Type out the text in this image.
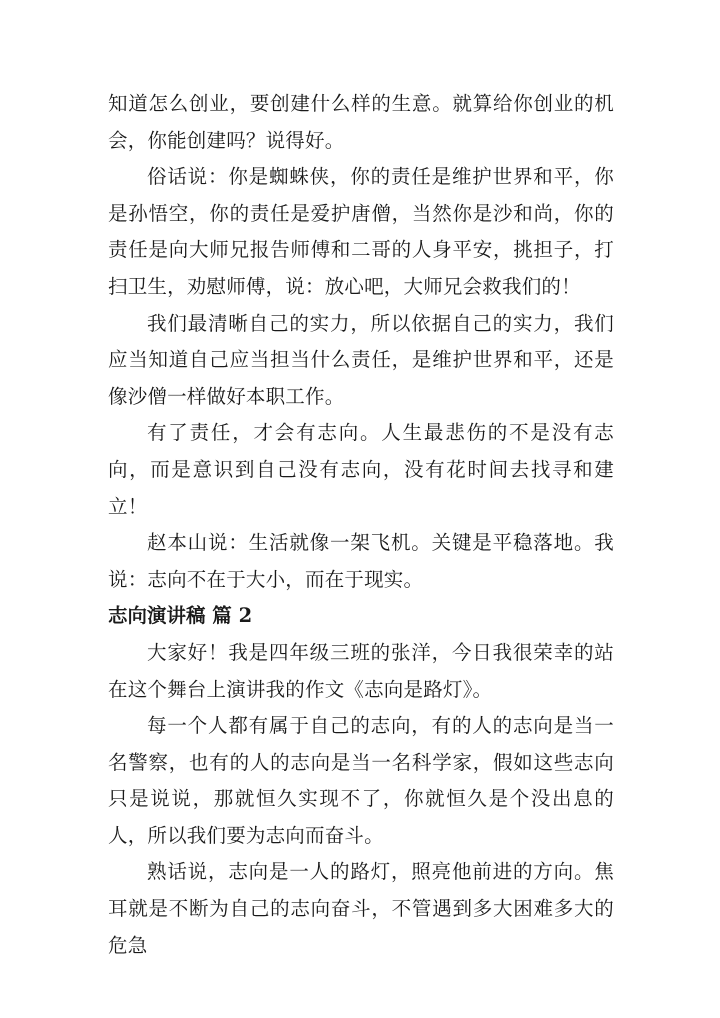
知道怎么创业，要创建什么样的生意。就算给你创业的机会，你能创建吗？说得好。

俗话说：你是蜘蛛侠，你的责任是维护世界和平，你是孙悟空，你的责任是爱护唐僧，当然你是沙和尚，你的责任是向大师兄报告师傅和二哥的人身平安，挑担子，打扫卫生，劝慰师傅，说：放心吧，大师兄会救我们的！

我们最清晰自己的实力，所以依据自己的实力，我们应当知道自己应当担当什么责任，是维护世界和平，还是像沙僧一样做好本职工作。

有了责任，才会有志向。人生最悲伤的不是没有志向，而是意识到自己没有志向，没有花时间去找寻和建立！

赵本山说：生活就像一架飞机。关键是平稳落地。我说：志向不在于大小，而在于现实。

志向演讲稿 篇 2

大家好！我是四年级三班的张洋，今日我很荣幸的站在这个舞台上演讲我的作文《志向是路灯》。

每一个人都有属于自己的志向，有的人的志向是当一名警察，也有的人的志向是当一名科学家，假如这些志向只是说说，那就恒久实现不了，你就恒久是个没出息的人，所以我们要为志向而奋斗。

熟话说，志向是一人的路灯，照亮他前进的方向。焦耳就是不断为自己的志向奋斗，不管遇到多大困难多大的危急
